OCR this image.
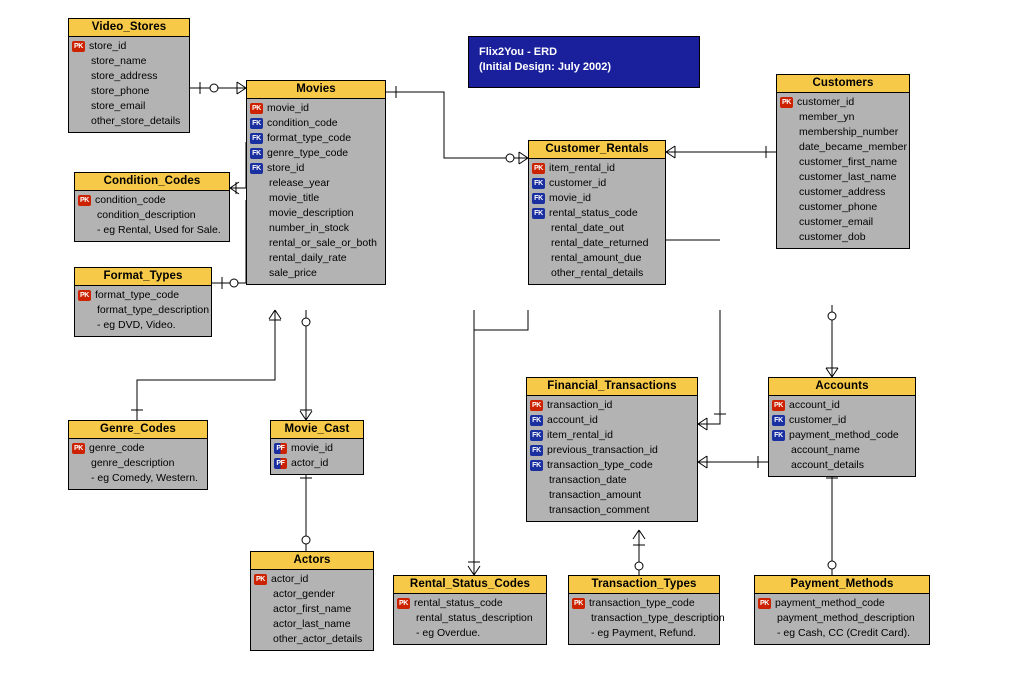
Flix2You - ERD
(Initial Design: July 2002)
Video_Stores
PK store_id
store_name
store_address
store_phone
store_email
other_store_details
Condition_Codes
PK condition_code
condition_description
- eg Rental, Used for Sale.
Format_Types
PK format_type_code
format_type_description
- eg DVD, Video.
Genre_Codes
PK genre_code
genre_description
- eg Comedy, Western.
Movies
PK movie_id
FK condition_code
FK format_type_code
FK genre_type_code
FK store_id
release_year
movie_title
movie_description
number_in_stock
rental_or_sale_or_both
rental_daily_rate
sale_price
Movie_Cast
PF movie_id
PF actor_id
Actors
PK actor_id
actor_gender
actor_first_name
actor_last_name
other_actor_details
Customer_Rentals
PK item_rental_id
FK customer_id
FK movie_id
FK rental_status_code
rental_date_out
rental_date_returned
rental_amount_due
other_rental_details
Financial_Transactions
PK transaction_id
FK account_id
FK item_rental_id
FK previous_transaction_id
FK transaction_type_code
transaction_date
transaction_amount
transaction_comment
Customers
PK customer_id
member_yn
membership_number
date_became_member
customer_first_name
customer_last_name
customer_address
customer_phone
customer_email
customer_dob
Accounts
PK account_id
FK customer_id
FK payment_method_code
account_name
account_details
Rental_Status_Codes
PK rental_status_code
rental_status_description
- eg Overdue.
Transaction_Types
PK transaction_type_code
transaction_type_description
- eg Payment, Refund.
Payment_Methods
PK payment_method_code
payment_method_description
- eg Cash, CC (Credit Card).
